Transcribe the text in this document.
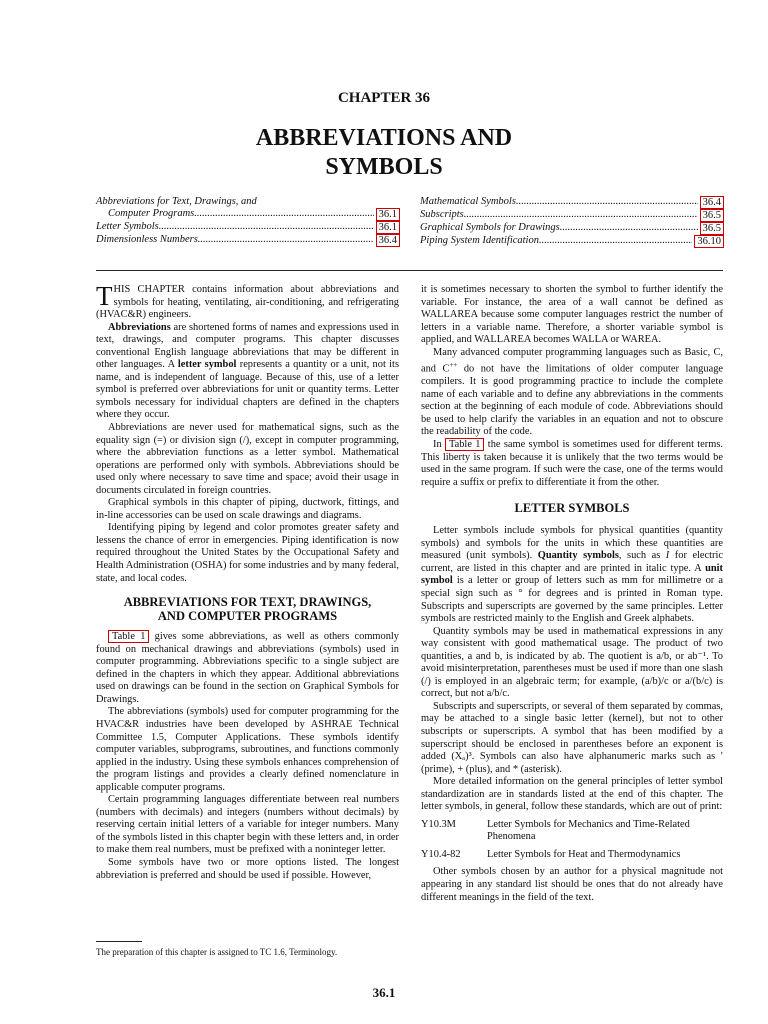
CHAPTER 36
ABBREVIATIONS AND
SYMBOLS
Abbreviations for Text, Drawings, and
Computer Programs .....	36.1
Letter Symbols .....	36.1
Dimensionless Numbers .....	36.4
Mathematical Symbols .....	36.4
Subscripts .....	36.5
Graphical Symbols for Drawings .....	36.5
Piping System Identification .....	36.10

THIS CHAPTER contains information about abbreviations and symbols for heating, ventilating, air-conditioning, and refrigerating (HVAC&R) engineers.

Abbreviations are shortened forms of names and expressions used in text, drawings, and computer programs. This chapter discusses conventional English language abbreviations that may be different in other languages. A letter symbol represents a quantity or a unit, not its name, and is independent of language. Because of this, use of a letter symbol is preferred over abbreviations for unit or quantity terms. Letter symbols necessary for individual chapters are defined in the chapters where they occur.

Abbreviations are never used for mathematical signs, such as the equality sign (=) or division sign (/), except in computer programming, where the abbreviation functions as a letter symbol. Mathematical operations are performed only with symbols. Abbreviations should be used only where necessary to save time and space; avoid their usage in documents circulated in foreign countries.

Graphical symbols in this chapter of piping, ductwork, fittings, and in-line accessories can be used on scale drawings and diagrams.

Identifying piping by legend and color promotes greater safety and lessens the chance of error in emergencies. Piping identification is now required throughout the United States by the Occupational Safety and Health Administration (OSHA) for some industries and by many federal, state, and local codes.

ABBREVIATIONS FOR TEXT, DRAWINGS,
AND COMPUTER PROGRAMS

Table 1 gives some abbreviations, as well as others commonly found on mechanical drawings and abbreviations (symbols) used in computer programming. Abbreviations specific to a single subject are defined in the chapters in which they appear. Additional abbreviations used on drawings can be found in the section on Graphical Symbols for Drawings.

The abbreviations (symbols) used for computer programming for the HVAC&R industries have been developed by ASHRAE Technical Committee 1.5, Computer Applications. These symbols identify computer variables, subprograms, subroutines, and functions commonly applied in the industry. Using these symbols enhances comprehension of the program listings and provides a clearly defined nomenclature in applicable computer programs.

Certain programming languages differentiate between real numbers (numbers with decimals) and integers (numbers without decimals) by reserving certain initial letters of a variable for integer numbers. Many of the symbols listed in this chapter begin with these letters and, in order to make them real numbers, must be prefixed with a noninteger letter.

Some symbols have two or more options listed. The longest abbreviation is preferred and should be used if possible. However,

it is sometimes necessary to shorten the symbol to further identify the variable. For instance, the area of a wall cannot be defined as WALLAREA because some computer languages restrict the number of letters in a variable name. Therefore, a shorter variable symbol is applied, and WALLAREA becomes WALLA or WAREA.

Many advanced computer programming languages such as Basic, C, and C++ do not have the limitations of older computer language compilers. It is good programming practice to include the complete name of each variable and to define any abbreviations in the comments section at the beginning of each module of code. Abbreviations should be used to help clarify the variables in an equation and not to obscure the readability of the code.

In Table 1 the same symbol is sometimes used for different terms. This liberty is taken because it is unlikely that the two terms would be used in the same program. If such were the case, one of the terms would require a suffix or prefix to differentiate it from the other.

LETTER SYMBOLS

Letter symbols include symbols for physical quantities (quantity symbols) and symbols for the units in which these quantities are measured (unit symbols). Quantity symbols, such as I for electric current, are listed in this chapter and are printed in italic type. A unit symbol is a letter or group of letters such as mm for millimetre or a special sign such as ° for degrees and is printed in Roman type. Subscripts and superscripts are governed by the same principles. Letter symbols are restricted mainly to the English and Greek alphabets.

Quantity symbols may be used in mathematical expressions in any way consistent with good mathematical usage. The product of two quantities, a and b, is indicated by ab. The quotient is a/b, or ab⁻¹. To avoid misinterpretation, parentheses must be used if more than one slash (/) is employed in an algebraic term; for example, (a/b)/c or a/(b/c) is correct, but not a/b/c.

Subscripts and superscripts, or several of them separated by commas, may be attached to a single basic letter (kernel), but not to other subscripts or superscripts. A symbol that has been modified by a superscript should be enclosed in parentheses before an exponent is added (Xₐ)³. Symbols can also have alphanumeric marks such as ′ (prime), + (plus), and * (asterisk).

More detailed information on the general principles of letter symbol standardization are in standards listed at the end of this chapter. The letter symbols, in general, follow these standards, which are out of print:

Y10.3M	Letter Symbols for Mechanics and Time-Related Phenomena
Y10.4-82	Letter Symbols for Heat and Thermodynamics

Other symbols chosen by an author for a physical magnitude not appearing in any standard list should be ones that do not already have different meanings in the field of the text.

The preparation of this chapter is assigned to TC 1.6, Terminology.
36.1
